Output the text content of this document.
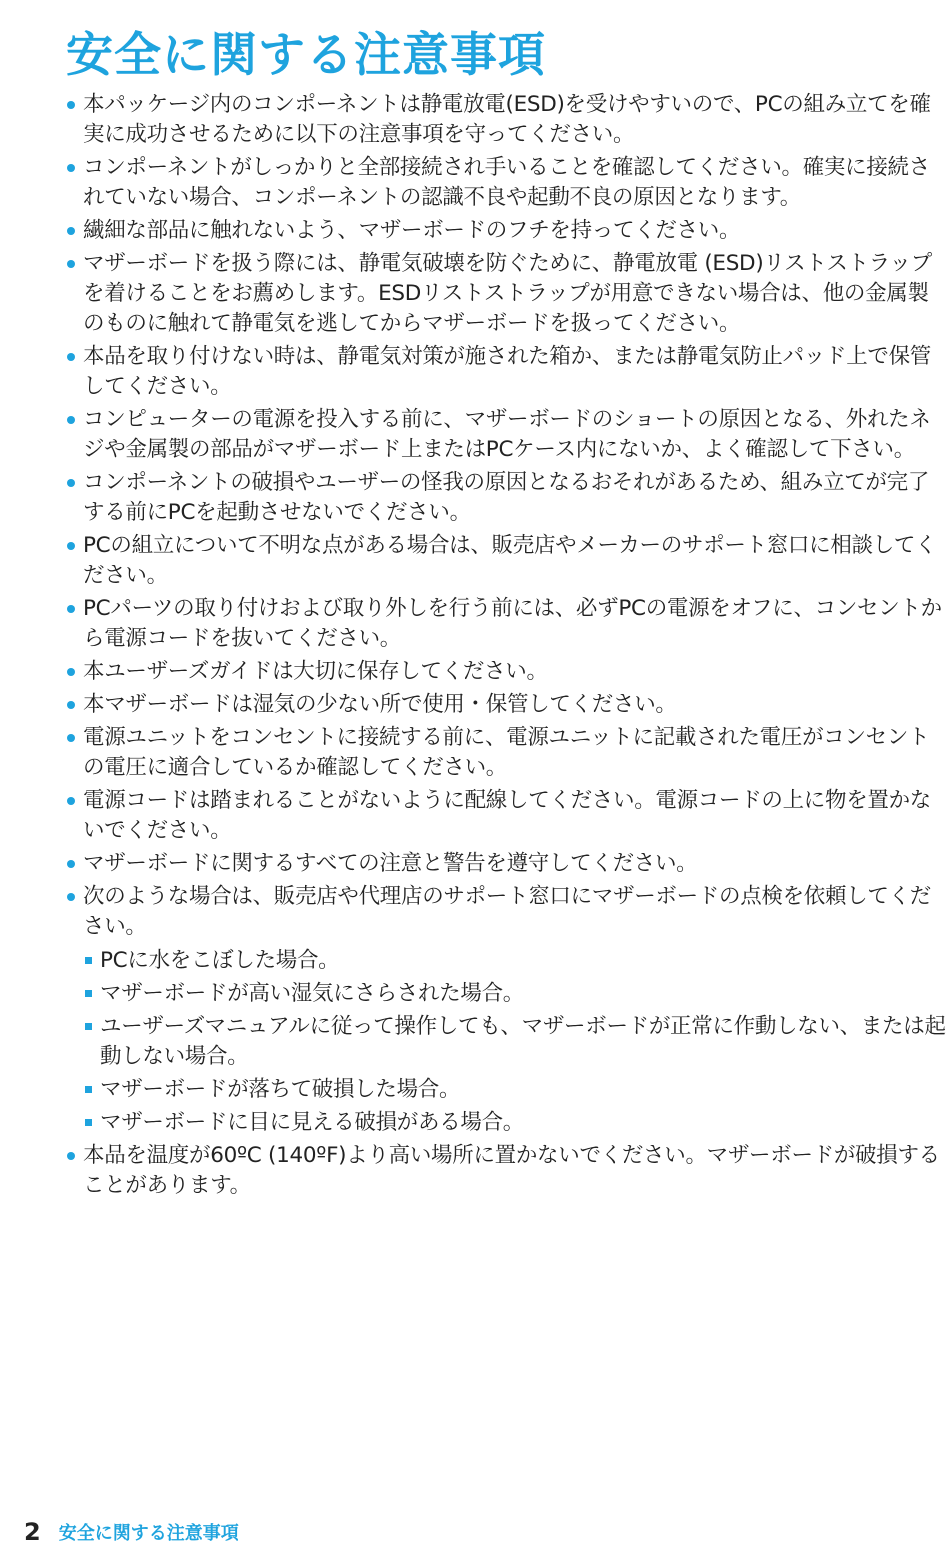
安全に関する注意事項
本パッケージ内のコンポーネントは静電放電(ESD)を受けやすいので、PCの組み立てを確実に成功させるために以下の注意事項を守ってください。
コンポーネントがしっかりと全部接続され手いることを確認してください。確実に接続されていない場合、コンポーネントの認識不良や起動不良の原因となります。
繊細な部品に触れないよう、マザーボードのフチを持ってください。
マザーボードを扱う際には、静電気破壊を防ぐために、静電放電 (ESD)リストストラップを着けることをお薦めします。ESDリストストラップが用意できない場合は、他の金属製のものに触れて静電気を逃してからマザーボードを扱ってください。
本品を取り付けない時は、静電気対策が施された箱か、または静電気防止パッド上で保管してください。
コンピューターの電源を投入する前に、マザーボードのショートの原因となる、外れたネジや金属製の部品がマザーボード上またはPCケース内にないか、よく確認して下さい。
コンポーネントの破損やユーザーの怪我の原因となるおそれがあるため、組み立てが完了する前にPCを起動させないでください。
PCの組立について不明な点がある場合は、販売店やメーカーのサポート窓口に相談してください。
PCパーツの取り付けおよび取り外しを行う前には、必ずPCの電源をオフに、コンセントから電源コードを抜いてください。
本ユーザーズガイドは大切に保存してください。
本マザーボードは湿気の少ない所で使用・保管してください。
電源ユニットをコンセントに接続する前に、電源ユニットに記載された電圧がコンセントの電圧に適合しているか確認してください。
電源コードは踏まれることがないように配線してください。電源コードの上に物を置かないでください。
マザーボードに関するすべての注意と警告を遵守してください。
次のような場合は、販売店や代理店のサポート窓口にマザーボードの点検を依頼してください。
PCに水をこぼした場合。
マザーボードが高い湿気にさらされた場合。
ユーザーズマニュアルに従って操作しても、マザーボードが正常に作動しない、または起動しない場合。
マザーボードが落ちて破損した場合。
マザーボードに目に見える破損がある場合。
本品を温度が60ºC (140ºF)より高い場所に置かないでください。マザーボードが破損することがあります。
2 安全に関する注意事項
